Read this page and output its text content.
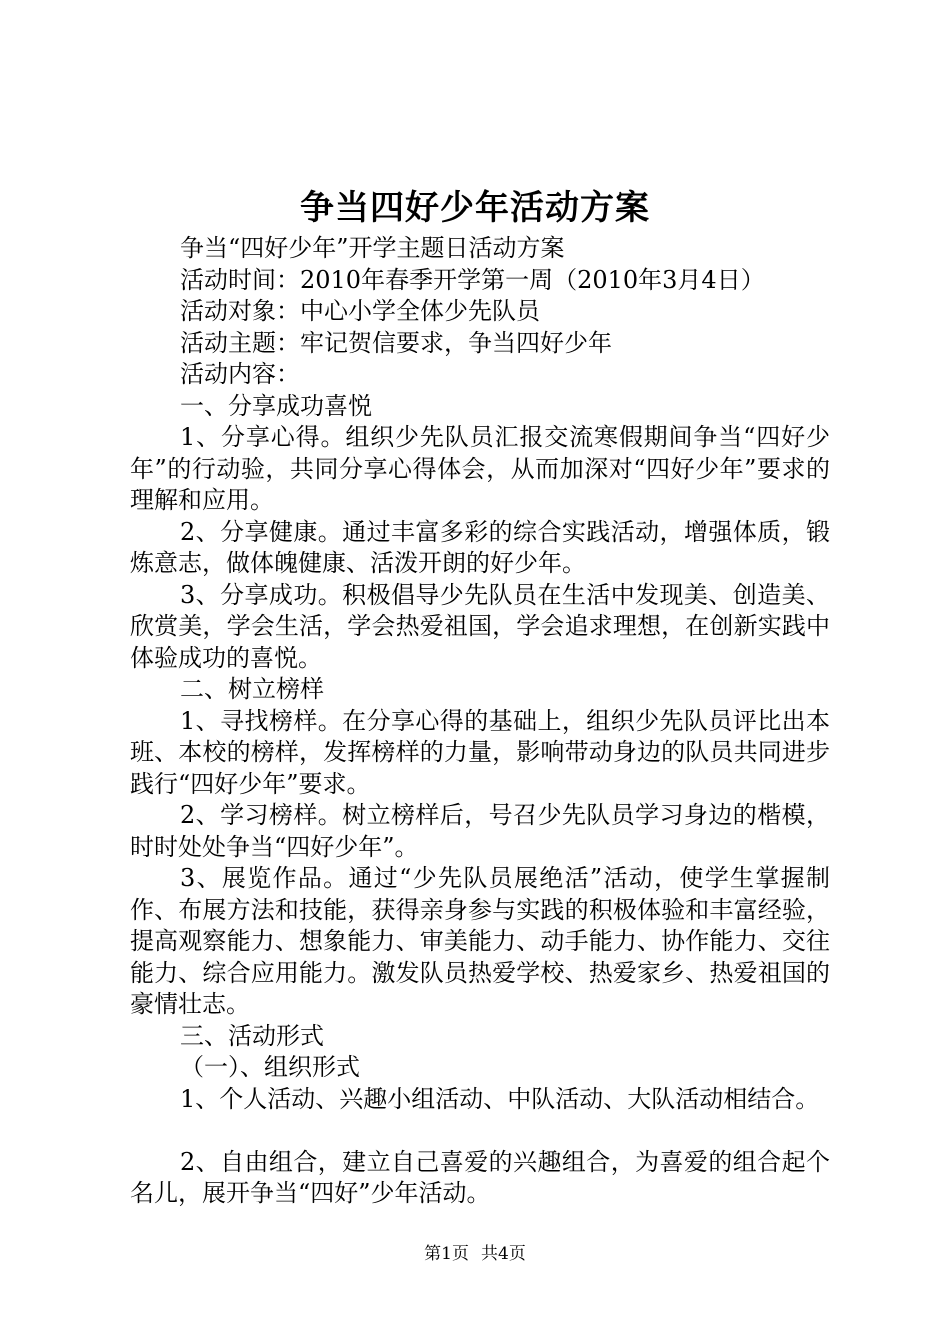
争当四好少年活动方案

争当“四好少年”开学主题日活动方案

活动时间：2010年春季开学第一周（2010年3月4日）

活动对象：中心小学全体少先队员

活动主题：牢记贺信要求，争当四好少年

活动内容：

一、分享成功喜悦

1、分享心得。组织少先队员汇报交流寒假期间争当“四好少年”的行动验，共同分享心得体会，从而加深对“四好少年”要求的理解和应用。

2、分享健康。通过丰富多彩的综合实践活动，增强体质，锻炼意志，做体魄健康、活泼开朗的好少年。

3、分享成功。积极倡导少先队员在生活中发现美、创造美、欣赏美，学会生活，学会热爱祖国，学会追求理想，在创新实践中体验成功的喜悦。

二、树立榜样

1、寻找榜样。在分享心得的基础上，组织少先队员评比出本班、本校的榜样，发挥榜样的力量，影响带动身边的队员共同进步践行“四好少年”要求。

2、学习榜样。树立榜样后，号召少先队员学习身边的楷模，时时处处争当“四好少年”。

3、展览作品。通过“少先队员展绝活”活动，使学生掌握制作、布展方法和技能，获得亲身参与实践的积极体验和丰富经验，提高观察能力、想象能力、审美能力、动手能力、协作能力、交往能力、综合应用能力。激发队员热爱学校、热爱家乡、热爱祖国的豪情壮志。

三、活动形式

（一）、组织形式

1、个人活动、兴趣小组活动、中队活动、大队活动相结合。

2、自由组合，建立自己喜爱的兴趣组合，为喜爱的组合起个名儿，展开争当“四好”少年活动。

第1页 共4页
